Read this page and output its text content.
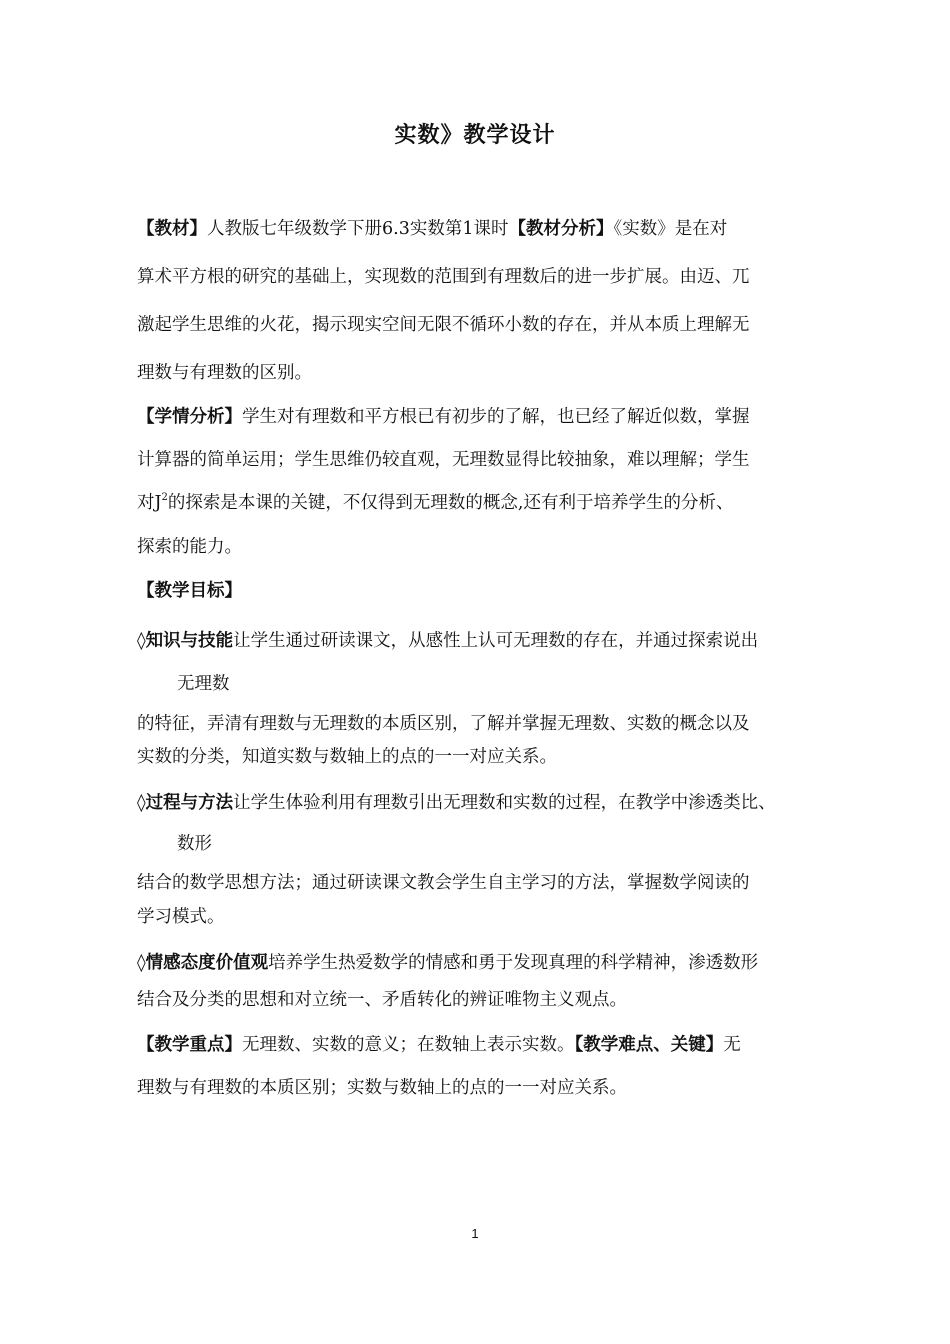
实数》教学设计
【教材】人教版七年级数学下册6.3实数第1课时【教材分析】《实数》是在对
算术平方根的研究的基础上，实现数的范围到有理数后的进一步扩展。由迈、兀
激起学生思维的火花，揭示现实空间无限不循环小数的存在，并从本质上理解无
理数与有理数的区别。
【学情分析】学生对有理数和平方根已有初步的了解，也已经了解近似数，掌握
计算器的简单运用；学生思维仍较直观，无理数显得比较抽象，难以理解；学生
对$J^2$的探索是本课的关键，不仅得到无理数的概念,还有利于培养学生的分析、
探索的能力。
【教学目标】
◊知识与技能让学生通过研读课文，从感性上认可无理数的存在，并通过探索说出
无理数
的特征，弄清有理数与无理数的本质区别，了解并掌握无理数、实数的概念以及
实数的分类，知道实数与数轴上的点的一一对应关系。
◊过程与方法让学生体验利用有理数引出无理数和实数的过程，在教学中渗透类比、
数形
结合的数学思想方法；通过研读课文教会学生自主学习的方法，掌握数学阅读的
学习模式。
◊情感态度价值观培养学生热爱数学的情感和勇于发现真理的科学精神，渗透数形
结合及分类的思想和对立统一、矛盾转化的辨证唯物主义观点。
【教学重点】无理数、实数的意义；在数轴上表示实数。【教学难点、关键】无
理数与有理数的本质区别；实数与数轴上的点的一一对应关系。
1
